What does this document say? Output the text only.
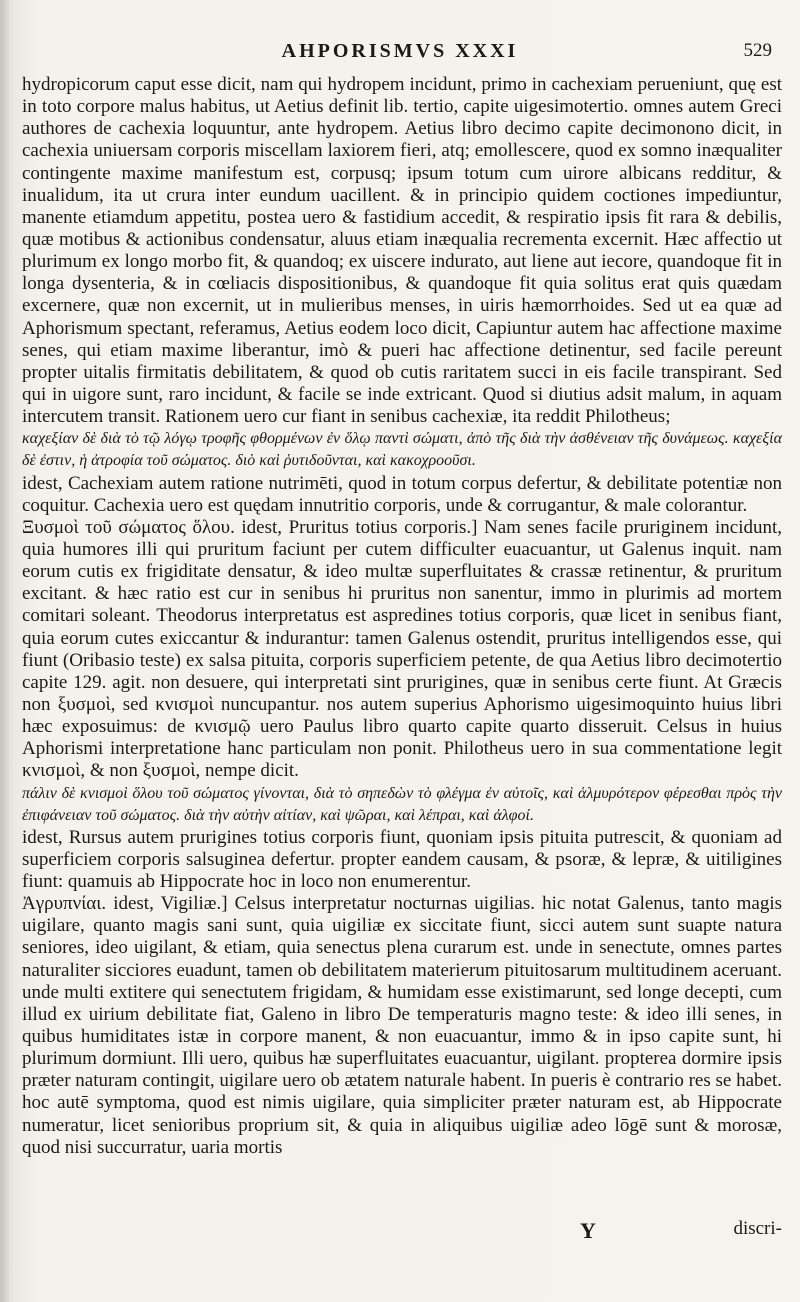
AHPORISMVS XXXI	529

hydropicorum caput esse dicit, nam qui hydropem incidunt, primo in cachexiam perueniunt, quę est in toto corpore malus habitus, ut Aetius definit lib. tertio, capite uigesimotertio. omnes autem Greci authores de cachexia loquuntur, ante hydropem. Aetius libro decimo capite decimonono dicit, in cachexia uniuersam corporis miscellam laxiorem fieri, atq; emollescere, quod ex somno inæqualiter contingente maxime manifestum est, corpusq; ipsum totum cum uirore albicans redditur, & inualidum, ita ut crura inter eundum uacillent. & in principio quidem coctiones impediuntur, manente etiamdum appetitu, postea uero & fastidium accedit, & respiratio ipsis fit rara & debilis, quæ motibus & actionibus condensatur, aluus etiam inæqualia recrementa excernit. Hæc affectio ut plurimum ex longo morbo fit, & quandoq; ex uiscere indurato, aut liene aut iecore, quandoque fit in longa dysenteria, & in cœliacis dispositionibus, & quandoque fit quia solitus erat quis quædam excernere, quæ non excernit, ut in mulieribus menses, in uiris hæmorrhoides. Sed ut ea quæ ad Aphorismum spectant, referamus, Aetius eodem loco dicit, Capiuntur autem hac affectione maxime senes, qui etiam maxime liberantur, imò & pueri hac affectione detinentur, sed facile pereunt propter uitalis firmitatis debilitatem, & quod ob cutis raritatem succi in eis facile transpirant. Sed qui in uigore sunt, raro incidunt, & facile se inde extricant. Quod si diutius adsit malum, in aquam intercutem transit. Rationem uero cur fiant in senibus cachexiæ, ita reddit Philotheus;

καχεξίαν δὲ διὰ τὸ τῷ λόγῳ τροφῆς φθορμένων ἐν ὅλῳ παντὶ σώματι, ἀπὸ τῆς διὰ τὴν ἀσθένειαν τῆς δυνάμεως. καχεξία δὲ ἐστιν, ἡ ἀτροφία τοῦ σώματος. διὸ καὶ ῥυτιδοῦνται, καὶ κακοχροοῦσι.

idest, Cachexiam autem ratione nutrimēti, quod in totum corpus defertur, & debilitate potentiæ non coquitur. Cachexia uero est quędam innutritio corporis, unde & corrugantur, & male colorantur.

Ξυσμοὶ τοῦ σώματος ὅλου. idest, Pruritus totius corporis.] Nam senes facile pruriginem incidunt, quia humores illi qui pruritum faciunt per cutem difficulter euacuantur, ut Galenus inquit. nam eorum cutis ex frigiditate densatur, & ideo multæ superfluitates & crassæ retinentur, & pruritum excitant. & hæc ratio est cur in senibus hi pruritus non sanentur, immo in plurimis ad mortem comitari soleant. Theodorus interpretatus est aspredines totius corporis, quæ licet in senibus fiant, quia eorum cutes exiccantur & indurantur: tamen Galenus ostendit, pruritus intelligendos esse, qui fiunt (Oribasio teste) ex salsa pituita, corporis superficiem petente, de qua Aetius libro decimotertio capite 129. agit. non desuere, qui interpretati sint prurigines, quæ in senibus certe fiunt. At Græcis non ξυσμοὶ, sed κνισμοὶ nuncupantur. nos autem superius Aphorismo uigesimoquinto huius libri hæc exposuimus: de κνισμῷ uero Paulus libro quarto capite quarto disseruit. Celsus in huius Aphorismi interpretatione hanc particulam non ponit. Philotheus uero in sua commentatione legit κνισμοὶ, & non ξυσμοὶ, nempe dicit.

πάλιν δὲ κνισμοὶ ὅλου τοῦ σώματος γίνονται, διὰ τὸ σηπεδὼν τὸ φλέγμα ἐν αὐτοῖς, καὶ ἁλμυρότερον φέρεσθαι πρὸς τὴν ἐπιφάνειαν τοῦ σώματος. διὰ τὴν αὐτὴν αἰτίαν, καὶ ψῶραι, καὶ λέπραι, καὶ ἀλφοί.

idest, Rursus autem prurigines totius corporis fiunt, quoniam ipsis pituita putrescit, & quoniam ad superficiem corporis salsuginea defertur. propter eandem causam, & psoræ, & lepræ, & uitiligines fiunt: quamuis ab Hippocrate hoc in loco non enumerentur.

Ἀγρυπνίαι. idest, Vigiliæ.] Celsus interpretatur nocturnas uigilias. hic notat Galenus, tanto magis uigilare, quanto magis sani sunt, quia uigiliæ ex siccitate fiunt, sicci autem sunt suapte natura seniores, ideo uigilant, & etiam, quia senectus plena curarum est. unde in senectute, omnes partes naturaliter sicciores euadunt, tamen ob debilitatem materierum pituitosarum multitudinem aceruant. unde multi extitere qui senectutem frigidam, & humidam esse existimarunt, sed longe decepti, cum illud ex uirium debilitate fiat, Galeno in libro De temperaturis magno teste: & ideo illi senes, in quibus humiditates istæ in corpore manent, & non euacuantur, immo & in ipso capite sunt, hi plurimum dormiunt. Illi uero, quibus hæ superfluitates euacuantur, uigilant. propterea dormire ipsis præter naturam contingit, uigilare uero ob ætatem naturale habent. In pueris è contrario res se habet. hoc autē symptoma, quod est nimis uigilare, quia simpliciter præter naturam est, ab Hippocrate numeratur, licet senioribus proprium sit, & quia in aliquibus uigiliæ adeo lōgē sunt & morosæ, quod nisi succurratur, uaria mortis

Y	discri-
